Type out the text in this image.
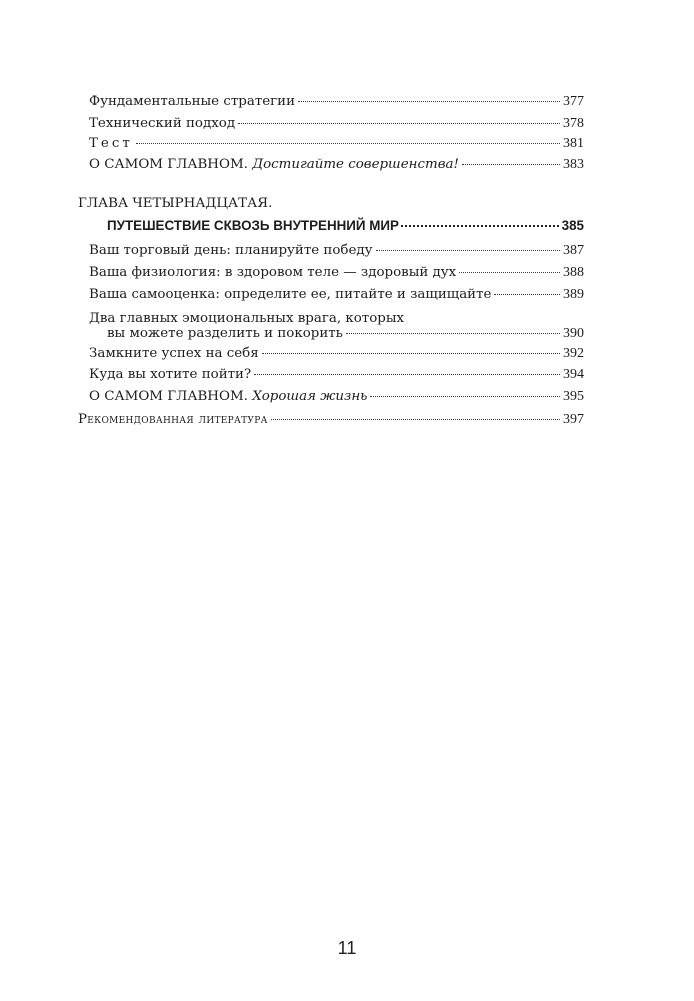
Фундаментальные стратегии	377
Технический подход	378
Тест	381
О САМОМ ГЛАВНОМ. Достигайте совершенства!	383
ГЛАВА ЧЕТЫРНАДЦАТАЯ.
ПУТЕШЕСТВИЕ СКВОЗЬ ВНУТРЕННИЙ МИР	385
Ваш торговый день: планируйте победу	387
Ваша физиология: в здоровом теле — здоровый дух	388
Ваша самооценка: определите ее, питайте и защищайте	389
Два главных эмоциональных врага, которых
вы можете разделить и покорить	390
Замкните успех на себя	392
Куда вы хотите пойти?	394
О САМОМ ГЛАВНОМ. Хорошая жизнь	395
Рекомендованная литература	397
11
